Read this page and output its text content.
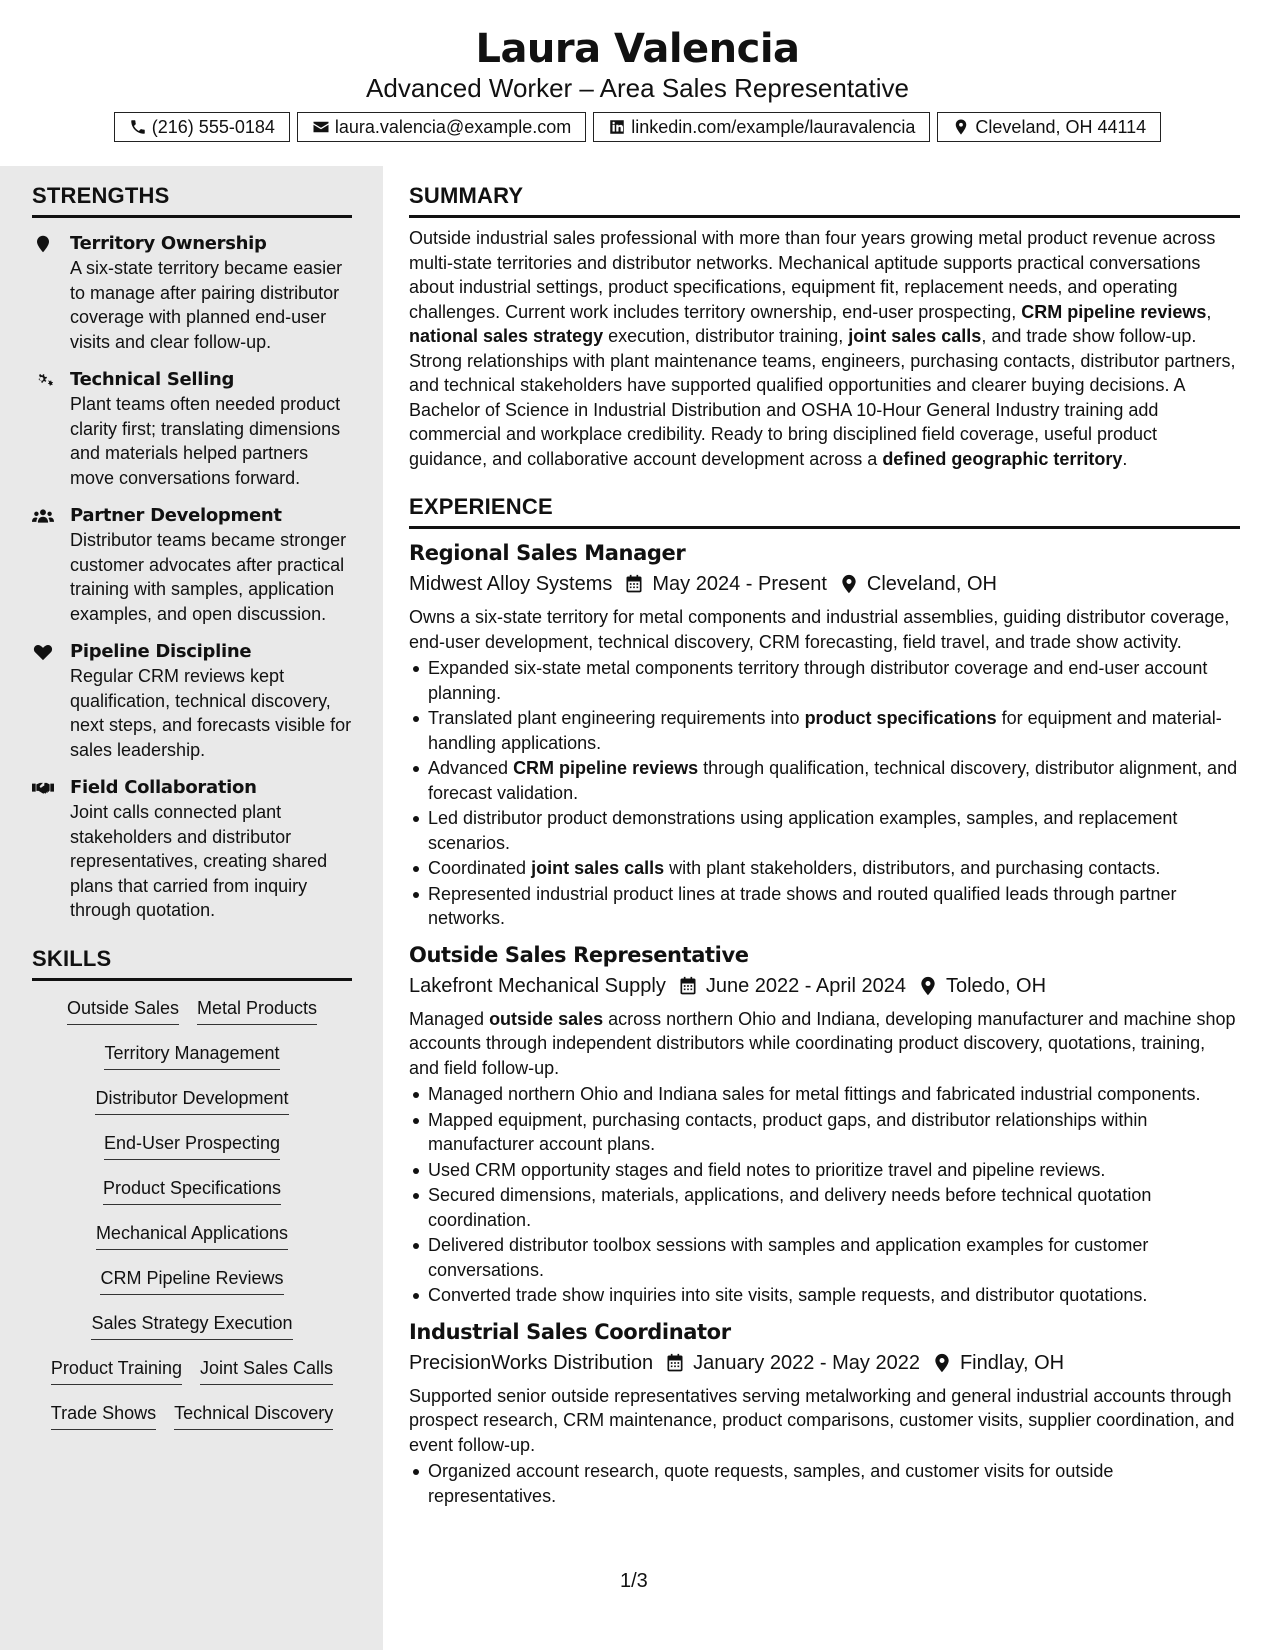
Laura Valencia
Advanced Worker – Area Sales Representative
(216) 555-0184	laura.valencia@example.com	linkedin.com/example/lauravalencia	Cleveland, OH 44114
STRENGTHS
Territory Ownership
A six-state territory became easier to manage after pairing distributor coverage with planned end-user visits and clear follow-up.
Technical Selling
Plant teams often needed product clarity first; translating dimensions and materials helped partners move conversations forward.
Partner Development
Distributor teams became stronger customer advocates after practical training with samples, application examples, and open discussion.
Pipeline Discipline
Regular CRM reviews kept qualification, technical discovery, next steps, and forecasts visible for sales leadership.
Field Collaboration
Joint calls connected plant stakeholders and distributor representatives, creating shared plans that carried from inquiry through quotation.
SKILLS
Outside Sales Metal Products
Territory Management
Distributor Development
End-User Prospecting
Product Specifications
Mechanical Applications
CRM Pipeline Reviews
Sales Strategy Execution
Product Training Joint Sales Calls
Trade Shows Technical Discovery
SUMMARY
Outside industrial sales professional with more than four years growing metal product revenue across multi-state territories and distributor networks. Mechanical aptitude supports practical conversations about industrial settings, product specifications, equipment fit, replacement needs, and operating challenges. Current work includes territory ownership, end-user prospecting, CRM pipeline reviews, national sales strategy execution, distributor training, joint sales calls, and trade show follow-up. Strong relationships with plant maintenance teams, engineers, purchasing contacts, distributor partners, and technical stakeholders have supported qualified opportunities and clearer buying decisions. A Bachelor of Science in Industrial Distribution and OSHA 10-Hour General Industry training add commercial and workplace credibility. Ready to bring disciplined field coverage, useful product guidance, and collaborative account development across a defined geographic territory.
EXPERIENCE
Regional Sales Manager
Midwest Alloy Systems May 2024 - Present Cleveland, OH
Owns a six-state territory for metal components and industrial assemblies, guiding distributor coverage, end-user development, technical discovery, CRM forecasting, field travel, and trade show activity.
Expanded six-state metal components territory through distributor coverage and end-user account planning.
Translated plant engineering requirements into product specifications for equipment and material-handling applications.
Advanced CRM pipeline reviews through qualification, technical discovery, distributor alignment, and forecast validation.
Led distributor product demonstrations using application examples, samples, and replacement scenarios.
Coordinated joint sales calls with plant stakeholders, distributors, and purchasing contacts.
Represented industrial product lines at trade shows and routed qualified leads through partner networks.
Outside Sales Representative
Lakefront Mechanical Supply June 2022 - April 2024 Toledo, OH
Managed outside sales across northern Ohio and Indiana, developing manufacturer and machine shop accounts through independent distributors while coordinating product discovery, quotations, training, and field follow-up.
Managed northern Ohio and Indiana sales for metal fittings and fabricated industrial components.
Mapped equipment, purchasing contacts, product gaps, and distributor relationships within manufacturer account plans.
Used CRM opportunity stages and field notes to prioritize travel and pipeline reviews.
Secured dimensions, materials, applications, and delivery needs before technical quotation coordination.
Delivered distributor toolbox sessions with samples and application examples for customer conversations.
Converted trade show inquiries into site visits, sample requests, and distributor quotations.
Industrial Sales Coordinator
PrecisionWorks Distribution January 2022 - May 2022 Findlay, OH
Supported senior outside representatives serving metalworking and general industrial accounts through prospect research, CRM maintenance, product comparisons, customer visits, supplier coordination, and event follow-up.
Organized account research, quote requests, samples, and customer visits for outside representatives.
1/3
